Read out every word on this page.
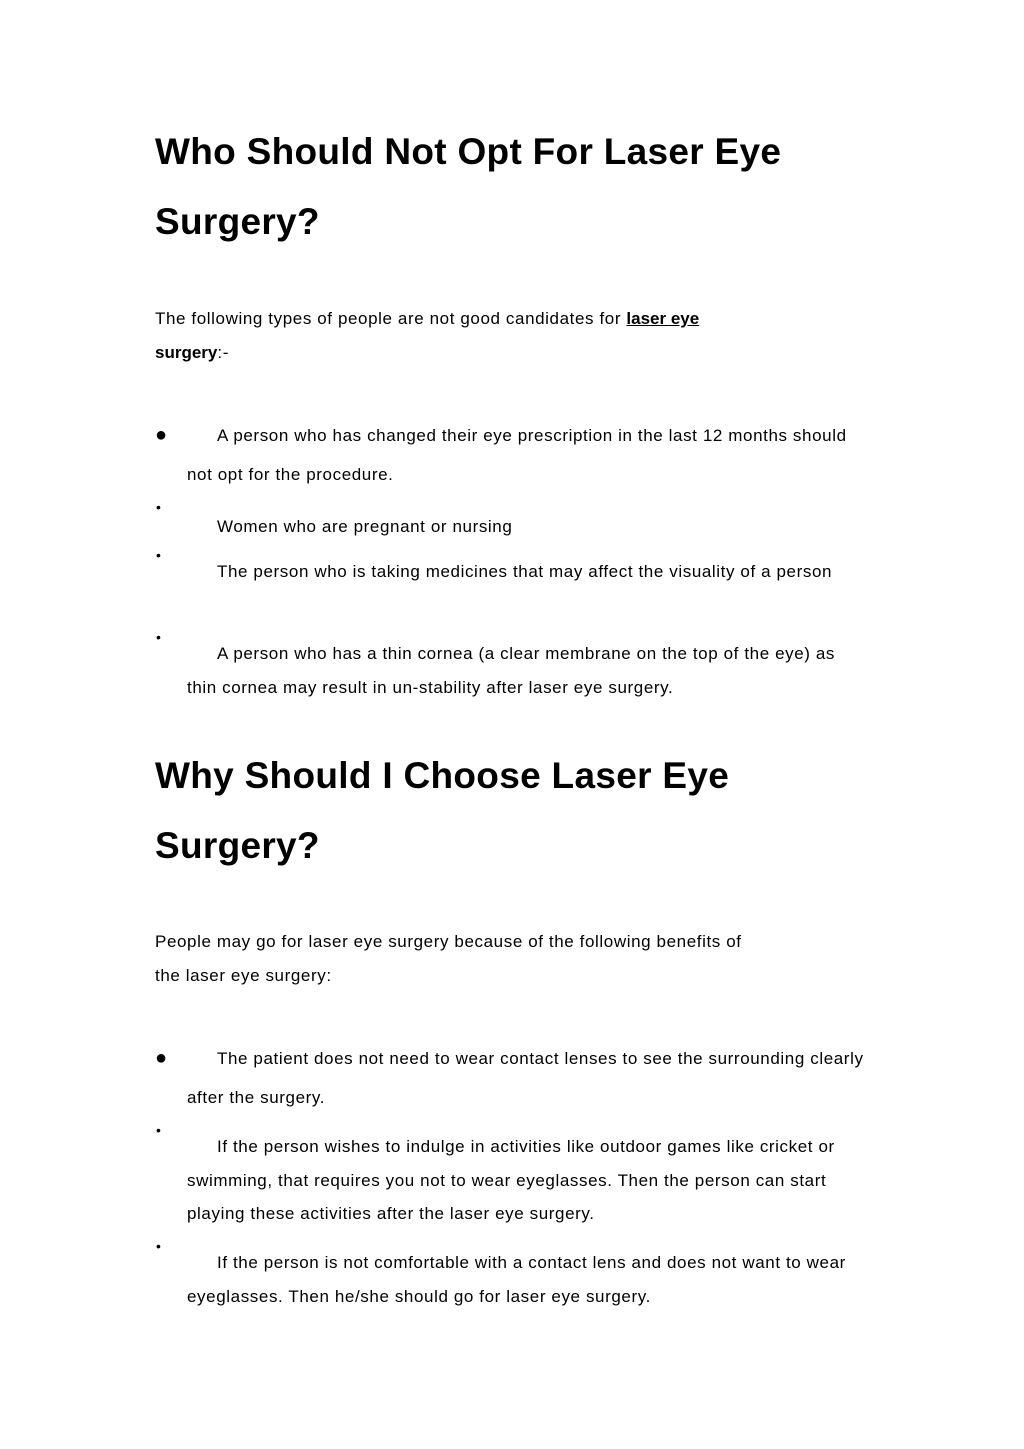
Who Should Not Opt For Laser Eye
Surgery?

The following types of people are not good candidates for laser eye
surgery:-

●	A person who has changed their eye prescription in the last 12 months should not opt for the procedure.

•

Women who are pregnant or nursing

•

The person who is taking medicines that may affect the visuality of a person

•

A person who has a thin cornea (a clear membrane on the top of the eye) as thin cornea may result in un-stability after laser eye surgery.

Why Should I Choose Laser Eye
Surgery?

People may go for laser eye surgery because of the following benefits of
the laser eye surgery:

●	The patient does not need to wear contact lenses to see the surrounding clearly after the surgery.

•

If the person wishes to indulge in activities like outdoor games like cricket or swimming, that requires you not to wear eyeglasses. Then the person can start playing these activities after the laser eye surgery.

•

If the person is not comfortable with a contact lens and does not want to wear eyeglasses. Then he/she should go for laser eye surgery.
